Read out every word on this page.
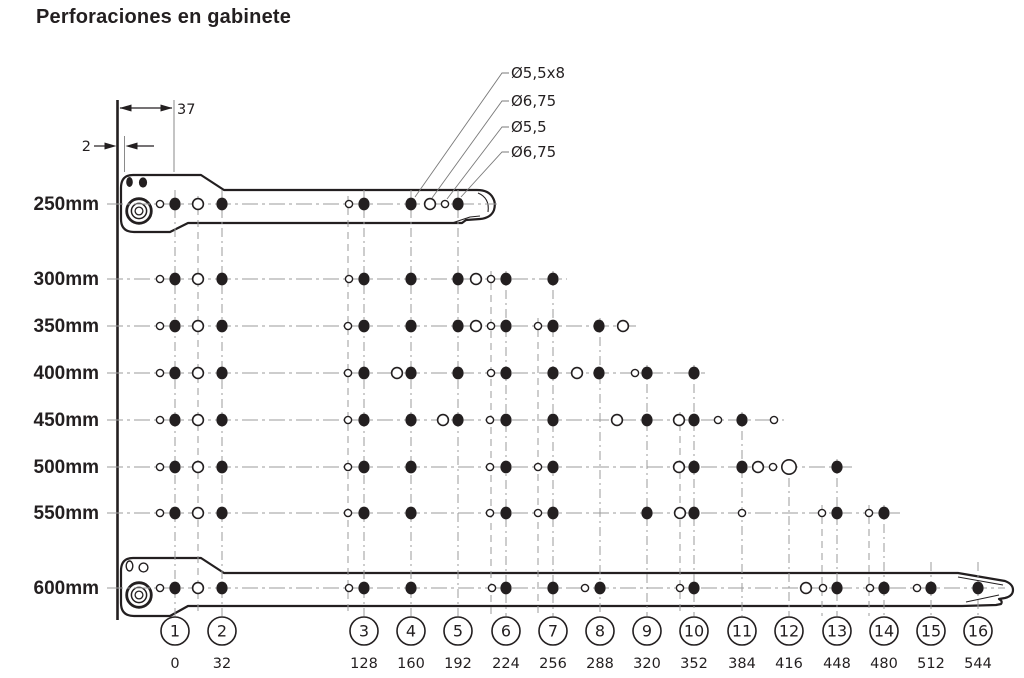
Perforaciones en gabinete
37
2
250mm
300mm
350mm
400mm
450mm
500mm
550mm
600mm
Ø5,5x8
Ø6,75
Ø5,5
Ø6,75
1
0
2
32
3
128
4
160
5
192
6
224
7
256
8
288
9
320
10
352
11
384
12
416
13
448
14
480
15
512
16
544
